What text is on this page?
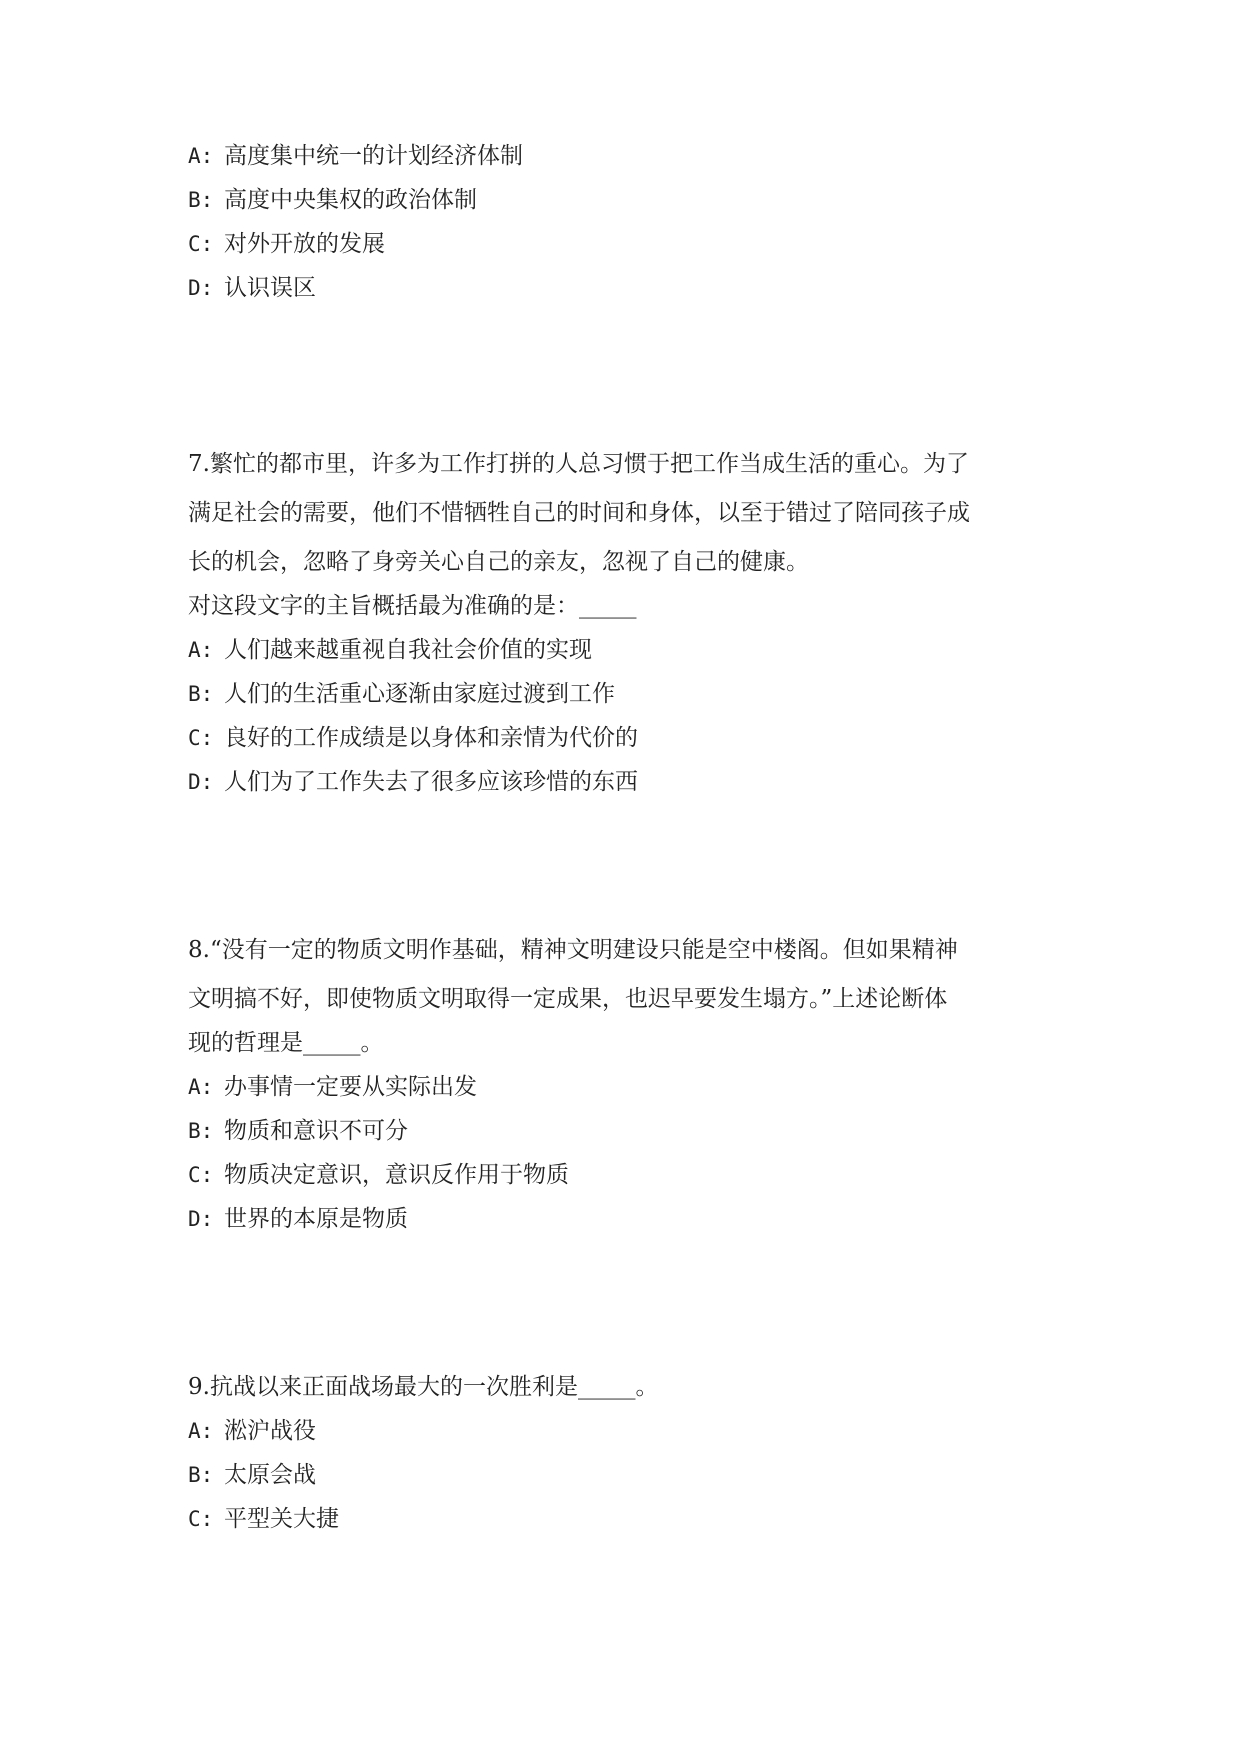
A: 高度集中统一的计划经济体制
B: 高度中央集权的政治体制
C: 对外开放的发展
D: 认识误区
7.繁忙的都市里，许多为工作打拼的人总习惯于把工作当成生活的重心。为了
满足社会的需要，他们不惜牺牲自己的时间和身体，以至于错过了陪同孩子成
长的机会，忽略了身旁关心自己的亲友，忽视了自己的健康。
对这段文字的主旨概括最为准确的是：_____
A: 人们越来越重视自我社会价值的实现
B: 人们的生活重心逐渐由家庭过渡到工作
C: 良好的工作成绩是以身体和亲情为代价的
D: 人们为了工作失去了很多应该珍惜的东西
8.“没有一定的物质文明作基础，精神文明建设只能是空中楼阁。但如果精神
文明搞不好，即使物质文明取得一定成果，也迟早要发生塌方。”上述论断体
现的哲理是_____。
A: 办事情一定要从实际出发
B: 物质和意识不可分
C: 物质决定意识，意识反作用于物质
D: 世界的本原是物质
9.抗战以来正面战场最大的一次胜利是_____。
A: 淞沪战役
B: 太原会战
C: 平型关大捷
